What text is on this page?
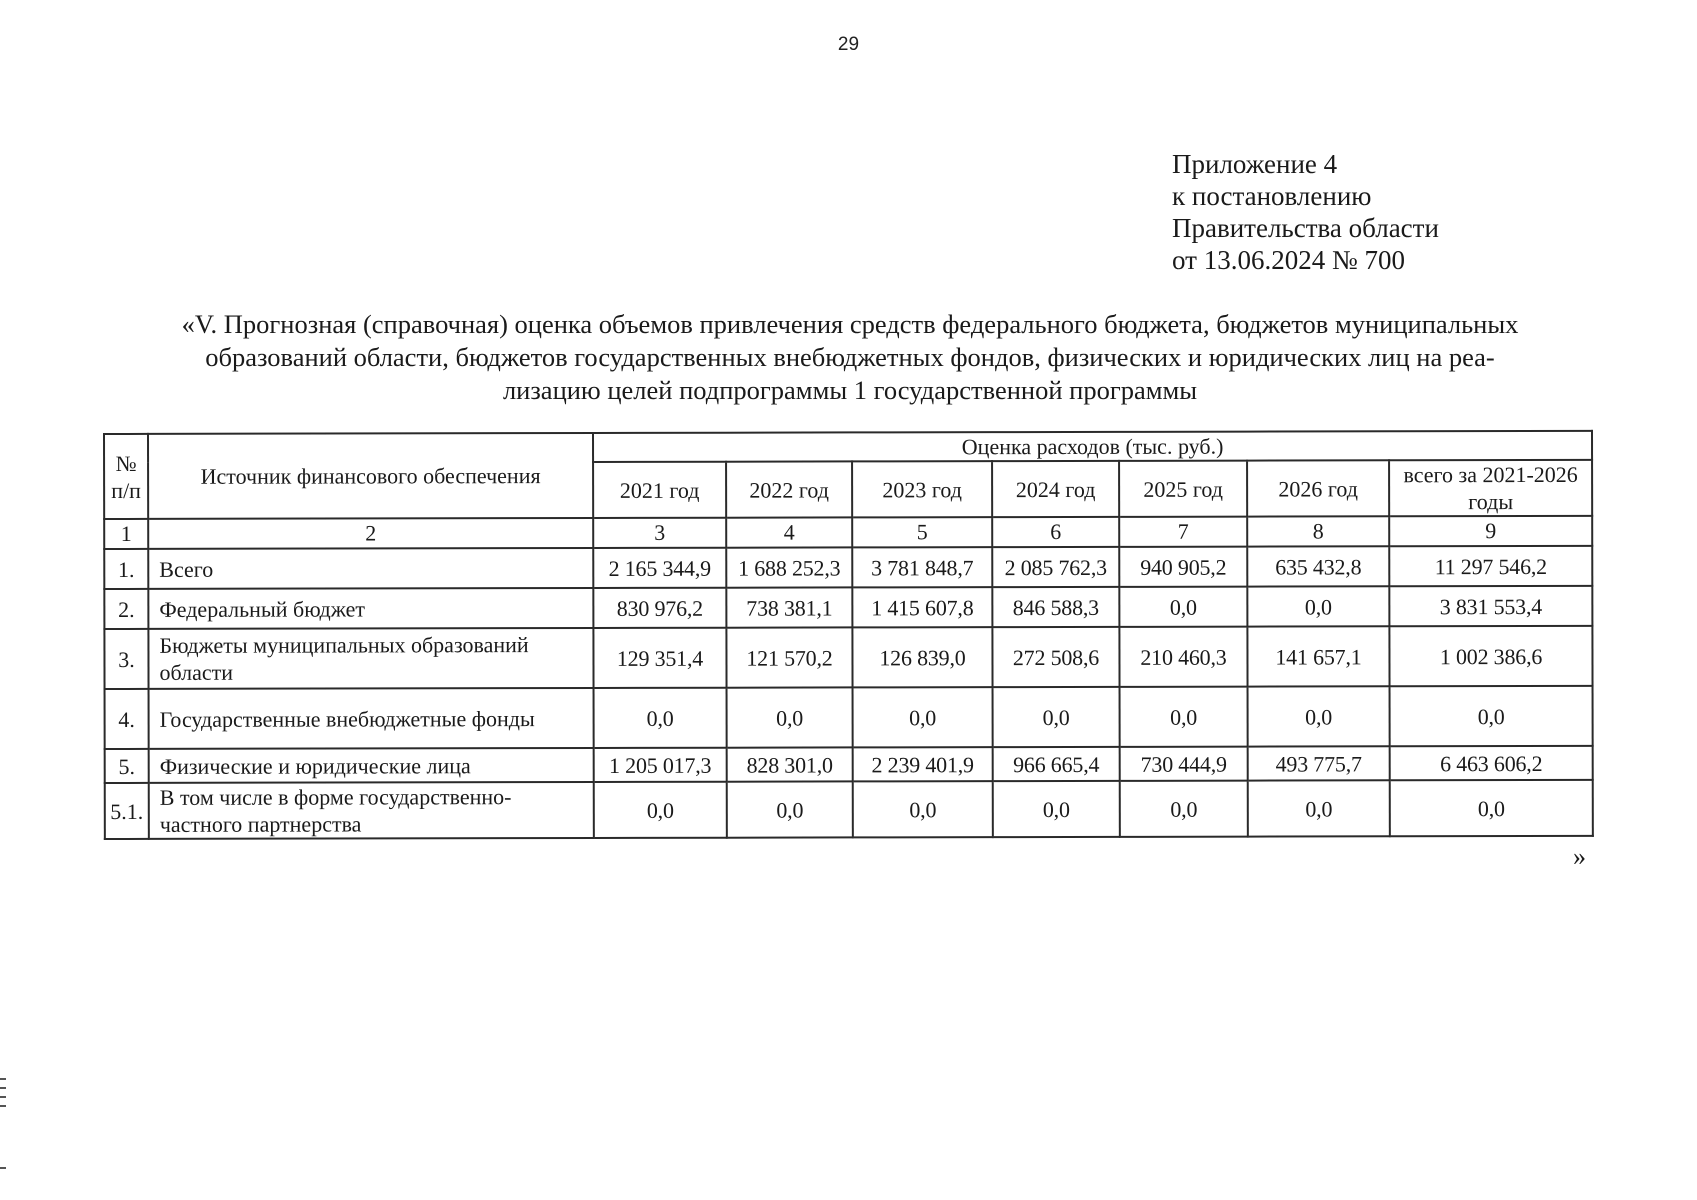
29
Приложение 4
к постановлению
Правительства области
от 13.06.2024 № 700
«V. Прогнозная (справочная) оценка объемов привлечения средств федерального бюджета, бюджетов муниципальных
образований области, бюджетов государственных внебюджетных фондов, физических и юридических лиц на реа-
лизацию целей подпрограммы 1 государственной программы
№ п/п	Источник финансового обеспечения	Оценка расходов (тыс. руб.)						
		2021 год	2022 год	2023 год	2024 год	2025 год	2026 год	всего за 2021-2026 годы
1	2	3	4	5	6	7	8	9
1.	Всего	2 165 344,9	1 688 252,3	3 781 848,7	2 085 762,3	940 905,2	635 432,8	11 297 546,2
2.	Федеральный бюджет	830 976,2	738 381,1	1 415 607,8	846 588,3	0,0	0,0	3 831 553,4
3.	Бюджеты муниципальных образований области	129 351,4	121 570,2	126 839,0	272 508,6	210 460,3	141 657,1	1 002 386,6
4.	Государственные внебюджетные фонды	0,0	0,0	0,0	0,0	0,0	0,0	0,0
5.	Физические и юридические лица	1 205 017,3	828 301,0	2 239 401,9	966 665,4	730 444,9	493 775,7	6 463 606,2
5.1.	В том числе в форме государственно-частного партнерства	0,0	0,0	0,0	0,0	0,0	0,0	0,0
»
